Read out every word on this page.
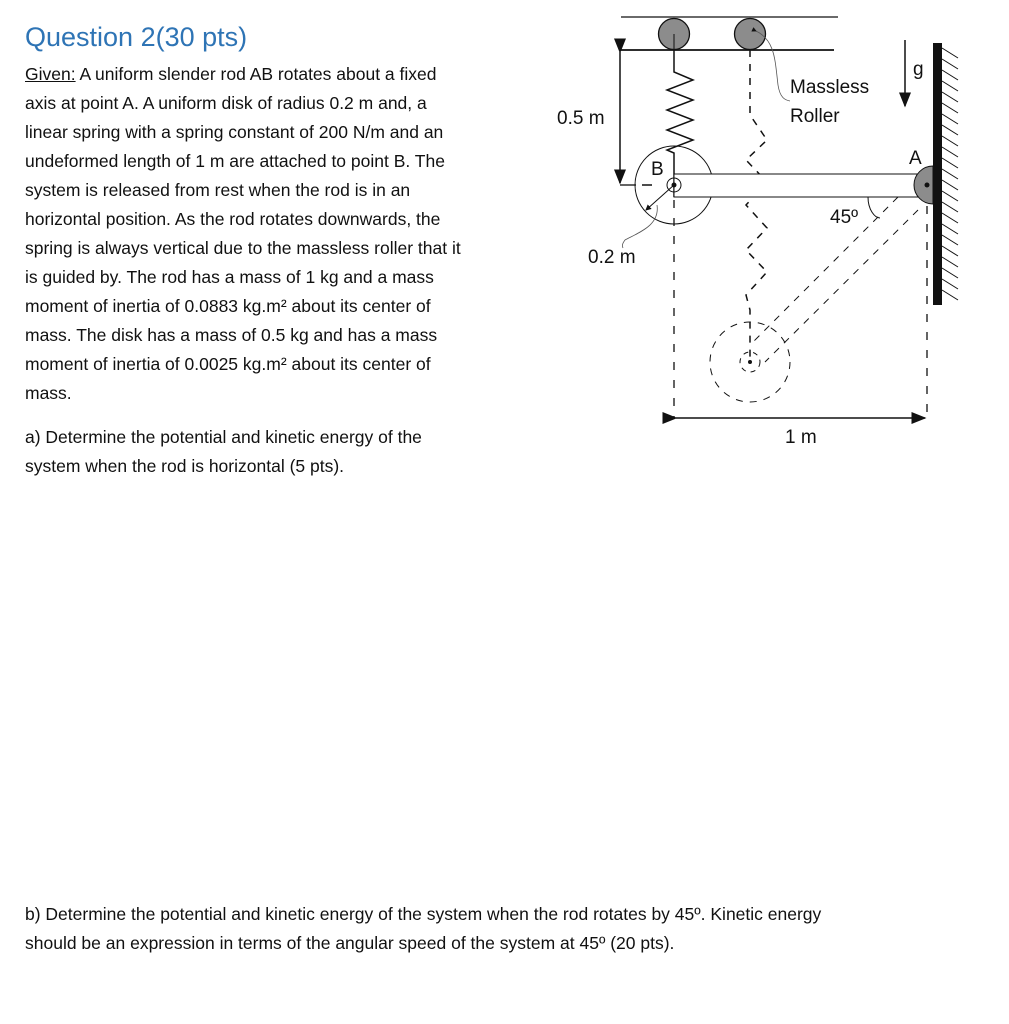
Question 2(30 pts)
Given: A uniform slender rod AB rotates about a fixed
axis at point A. A uniform disk of radius 0.2 m and, a
linear spring with a spring constant of 200 N/m and an
undeformed length of 1 m are attached to point B. The
system is released from rest when the rod is in an
horizontal position. As the rod rotates downwards, the
spring is always vertical due to the massless roller that it
is guided by. The rod has a mass of 1 kg and a mass
moment of inertia of 0.0883 kg.m² about its center of
mass. The disk has a mass of 0.5 kg and has a mass
moment of inertia of 0.0025 kg.m² about its center of
mass.
a) Determine the potential and kinetic energy of the
system when the rod is horizontal (5 pts).
b) Determine the potential and kinetic energy of the system when the rod rotates by 45º. Kinetic energy
should be an expression in terms of the angular speed of the system at 45º (20 pts).
0.5 m
B
0.2 m
A
g
Massless
Roller
45º
1 m
